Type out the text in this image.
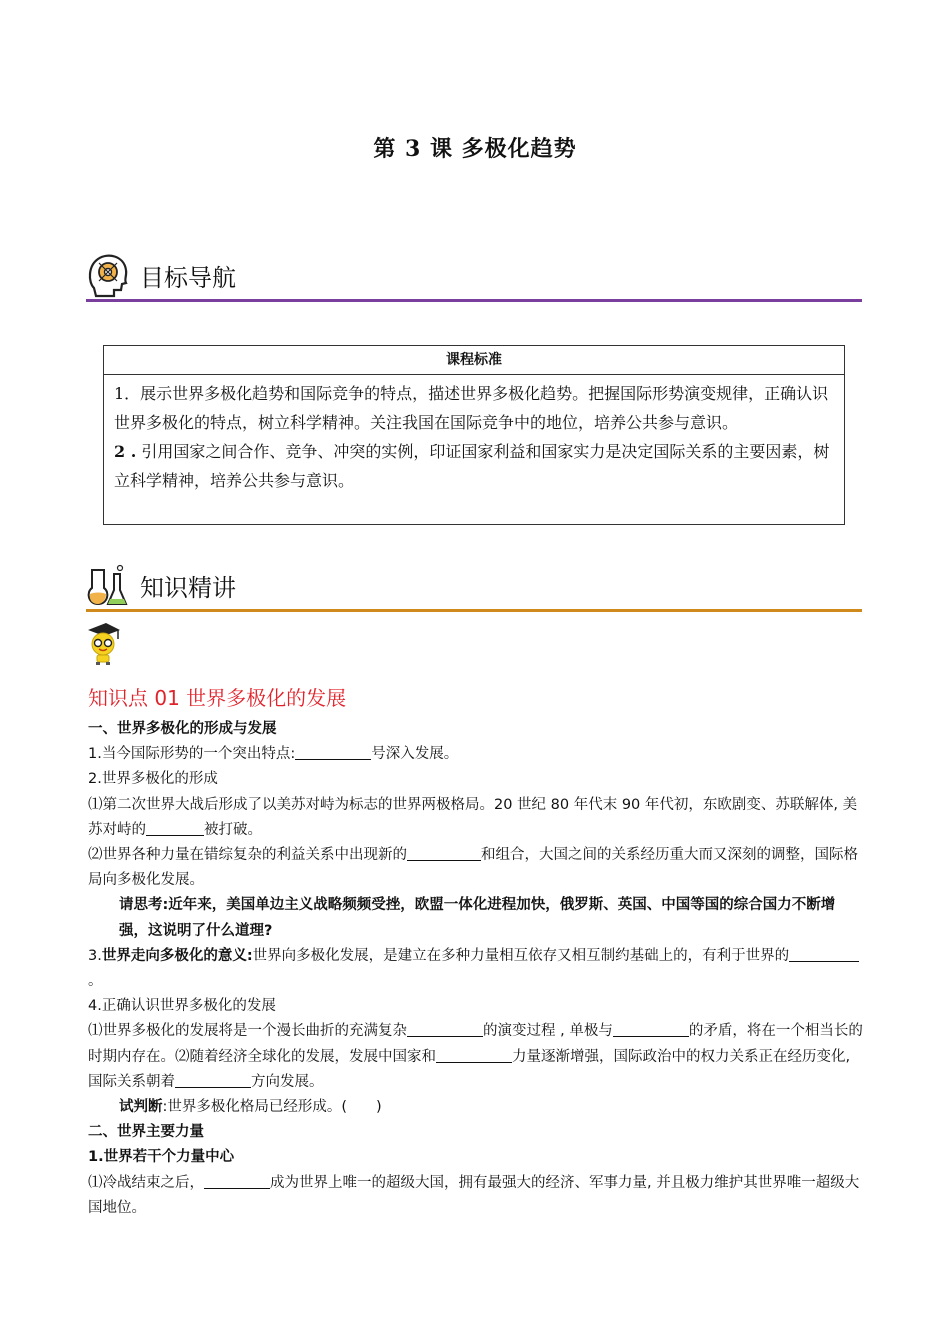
第 3 课 多极化趋势
目标导航
课程标准
1．展示世界多极化趋势和国际竞争的特点，描述世界多极化趋势。把握国际形势演变规律，正确认识世界多极化的特点，树立科学精神。关注我国在国际竞争中的地位，培养公共参与意识。
2 . 引用国家之间合作、竞争、冲突的实例，印证国家利益和国家实力是决定国际关系的主要因素，树立科学精神，培养公共参与意识。
知识精讲
知识点 01 世界多极化的发展

一、世界多极化的形成与发展

1.当今国际形势的一个突出特点:	号深入发展。

2.世界多极化的形成

⑴第二次世界大战后形成了以美苏对峙为标志的世界两极格局。20 世纪 80 年代末 90 年代初，东欧剧变、苏联解体, 美苏对峙的	被打破。

⑵世界各种力量在错综复杂的利益关系中出现新的	和组合，大国之间的关系经历重大而又深刻的调整，国际格局向多极化发展。

请思考:近年来，美国单边主义战略频频受挫，欧盟一体化进程加快，俄罗斯、英国、中国等国的综合国力不断增强，这说明了什么道理?

3.世界走向多极化的意义:世界向多极化发展，是建立在多种力量相互依存又相互制约基础上的，有利于世界的。

4.正确认识世界多极化的发展

⑴世界多极化的发展将是一个漫长曲折的充满复杂	的演变过程 , 单极与	的矛盾，将在一个相当长的时期内存在。⑵随着经济全球化的发展，发展中国家和	力量逐渐增强，国际政治中的权力关系正在经历变化, 国际关系朝着	方向发展。

试判断:世界多极化格局已经形成。(　　)

二、世界主要力量

1.世界若干个力量中心

⑴冷战结束之后，	成为世界上唯一的超级大国，拥有最强大的经济、军事力量, 并且极力维护其世界唯一超级大国地位。
